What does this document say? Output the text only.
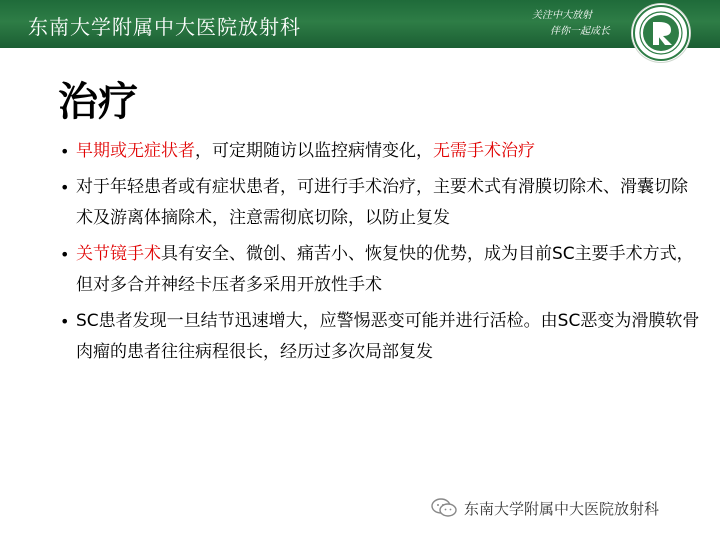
东南大学附属中大医院放射科	关注中大放射
伴你一起成长
治疗
• 早期或无症状者，可定期随访以监控病情变化，无需手术治疗
• 对于年轻患者或有症状患者，可进行手术治疗，主要术式有滑膜切除术、滑囊切除术及游离体摘除术，注意需彻底切除，以防止复发
• 关节镜手术具有安全、微创、痛苦小、恢复快的优势，成为目前SC主要手术方式，但对多合并神经卡压者多采用开放性手术
• SC患者发现一旦结节迅速增大，应警惕恶变可能并进行活检。由SC恶变为滑膜软骨肉瘤的患者往往病程很长，经历过多次局部复发
东南大学附属中大医院放射科
